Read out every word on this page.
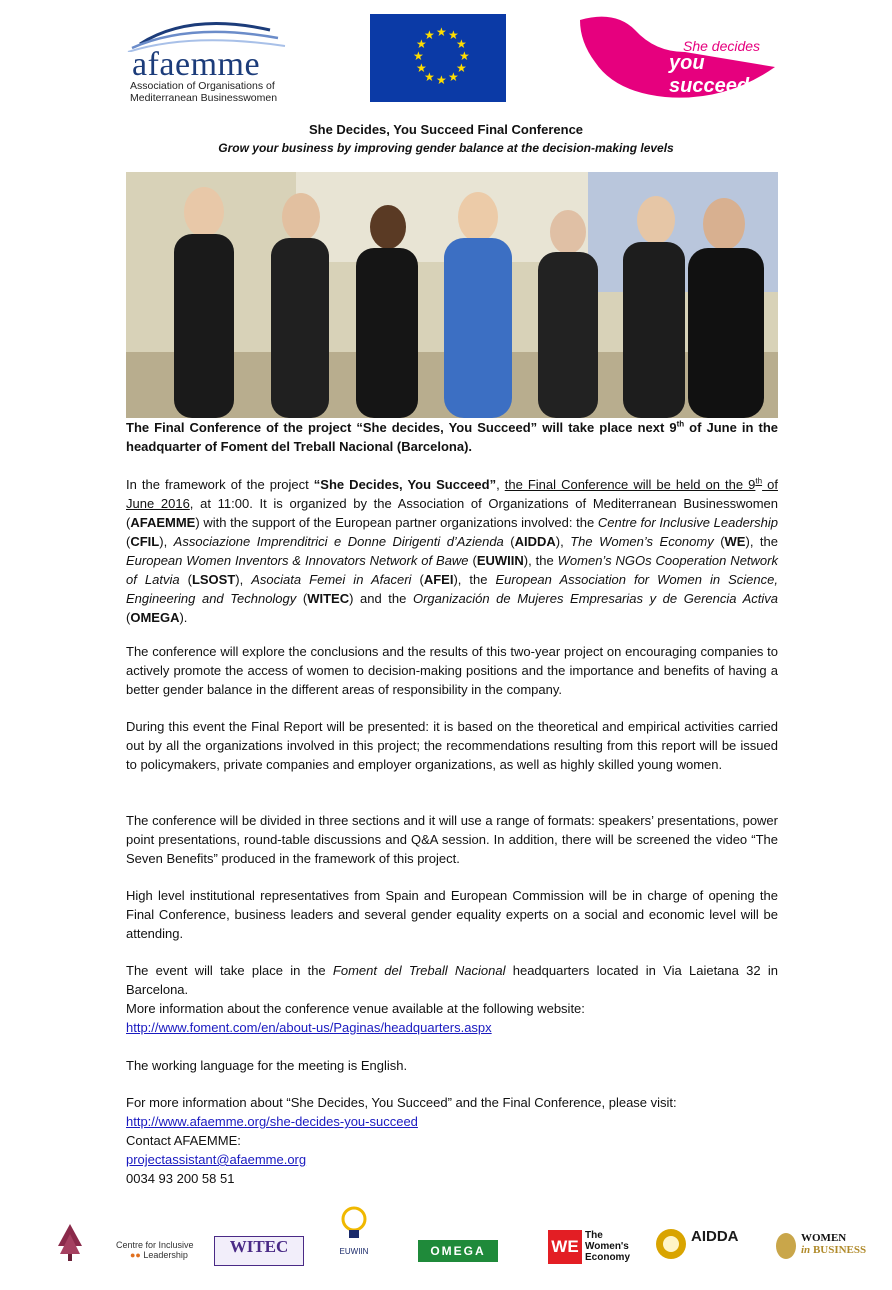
afaemme
Association of Organisations of
Mediterranean Businesswomen
★ ★
★
★
★
★
★
★
★
★
★
★
She decides
you succeed
She Decides, You Succeed Final Conference
Grow your business by improving gender balance at the decision-making levels
The Final Conference of the project “She decides, You Succeed” will take place next 9th of June in the headquarter of Foment del Treball Nacional (Barcelona).
In the framework of the project “She Decides, You Succeed”, the Final Conference will be held on the 9th of June 2016, at 11:00. It is organized by the Association of Organizations of Mediterranean Businesswomen (AFAEMME) with the support of the European partner organizations involved: the Centre for Inclusive Leadership (CFIL), Associazione Imprenditrici e Donne Dirigenti d’Azienda (AIDDA), The Women’s Economy (WE), the European Women Inventors & Innovators Network of Bawe (EUWIIN), the Women’s NGOs Cooperation Network of Latvia (LSOST), Asociata Femei in Afaceri (AFEI), the European Association for Women in Science, Engineering and Technology (WITEC) and the Organización de Mujeres Empresarias y de Gerencia Activa (OMEGA).
The conference will explore the conclusions and the results of this two-year project on encouraging companies to actively promote the access of women to decision-making positions and the importance and benefits of having a better gender balance in the different areas of responsibility in the company.
During this event the Final Report will be presented: it is based on the theoretical and empirical activities carried out by all the organizations involved in this project; the recommendations resulting from this report will be issued to policymakers, private companies and employer organizations, as well as highly skilled young women.
The conference will be divided in three sections and it will use a range of formats: speakers’ presentations, power point presentations, round-table discussions and Q&A session. In addition, there will be screened the video “The Seven Benefits” produced in the framework of this project.
High level institutional representatives from Spain and European Commission will be in charge of opening the Final Conference, business leaders and several gender equality experts on a social and economic level will be attending.
The event will take place in the Foment del Treball Nacional headquarters located in Via Laietana 32 in Barcelona.
More information about the conference venue available at the following website:
http://www.foment.com/en/about-us/Paginas/headquarters.aspx
The working language for the meeting is English.
For more information about “She Decides, You Succeed” and the Final Conference, please visit:
http://www.afaemme.org/she-decides-you-succeed
Contact AFAEMME:
projectassistant@afaemme.org
0034 93 200 58 51
Centre for Inclusive
●● Leadership	WITEC	EUWIIN	OMEGA	WE
The
Women's
Economy
AIDDA	WOMEN
in BUSINESS
